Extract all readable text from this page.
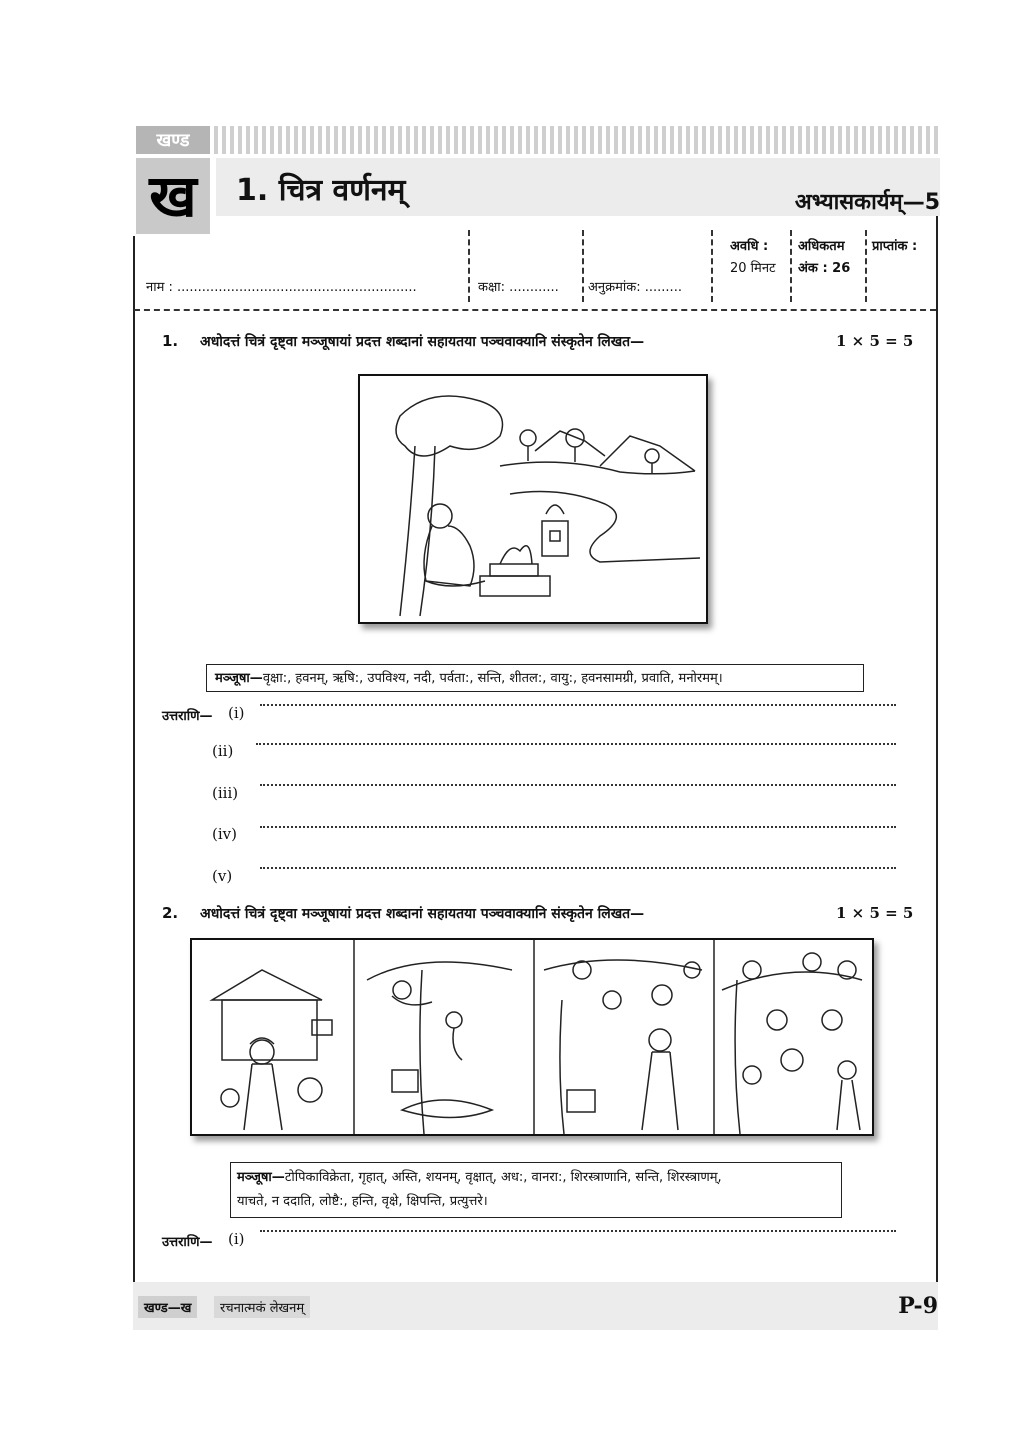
खण्ड
ख 1. चित्र वर्णनम्	अभ्यासकार्यम्—5
नाम : ..........................................................	कक्षा: ............ अनुक्रमांक: .........
अवधि :
20 मिनट
अधिकतम
अंक : 26
प्राप्तांक :
1. अधोदत्तं चित्रं दृष्ट्वा मञ्जूषायां प्रदत्त शब्दानां सहायतया पञ्चवाक्यानि संस्कृतेन लिखत—	1 × 5 = 5
मञ्जूषा—वृक्षा:, हवनम्, ऋषि:, उपविश्य, नदी, पर्वता:, सन्ति, शीतल:, वायु:, हवनसामग्री, प्रवाति, मनोरमम्।
उत्तराणि— (i)
(ii)
(iii)
(iv)
(v)
2. अधोदत्तं चित्रं दृष्ट्वा मञ्जूषायां प्रदत्त शब्दानां सहायतया पञ्चवाक्यानि संस्कृतेन लिखत—	1 × 5 = 5
मञ्जूषा—टोपिकाविक्रेता, गृहात्, अस्ति, शयनम्, वृक्षात्, अध:, वानरा:, शिरस्त्राणानि, सन्ति, शिरस्त्राणम्,
याचते, न ददाति, लोष्टै:, हन्ति, वृक्षे, क्षिपन्ति, प्रत्युत्तरे।
उत्तराणि— (i)
खण्ड—ख	रचनात्मकं लेखनम्	P-9
